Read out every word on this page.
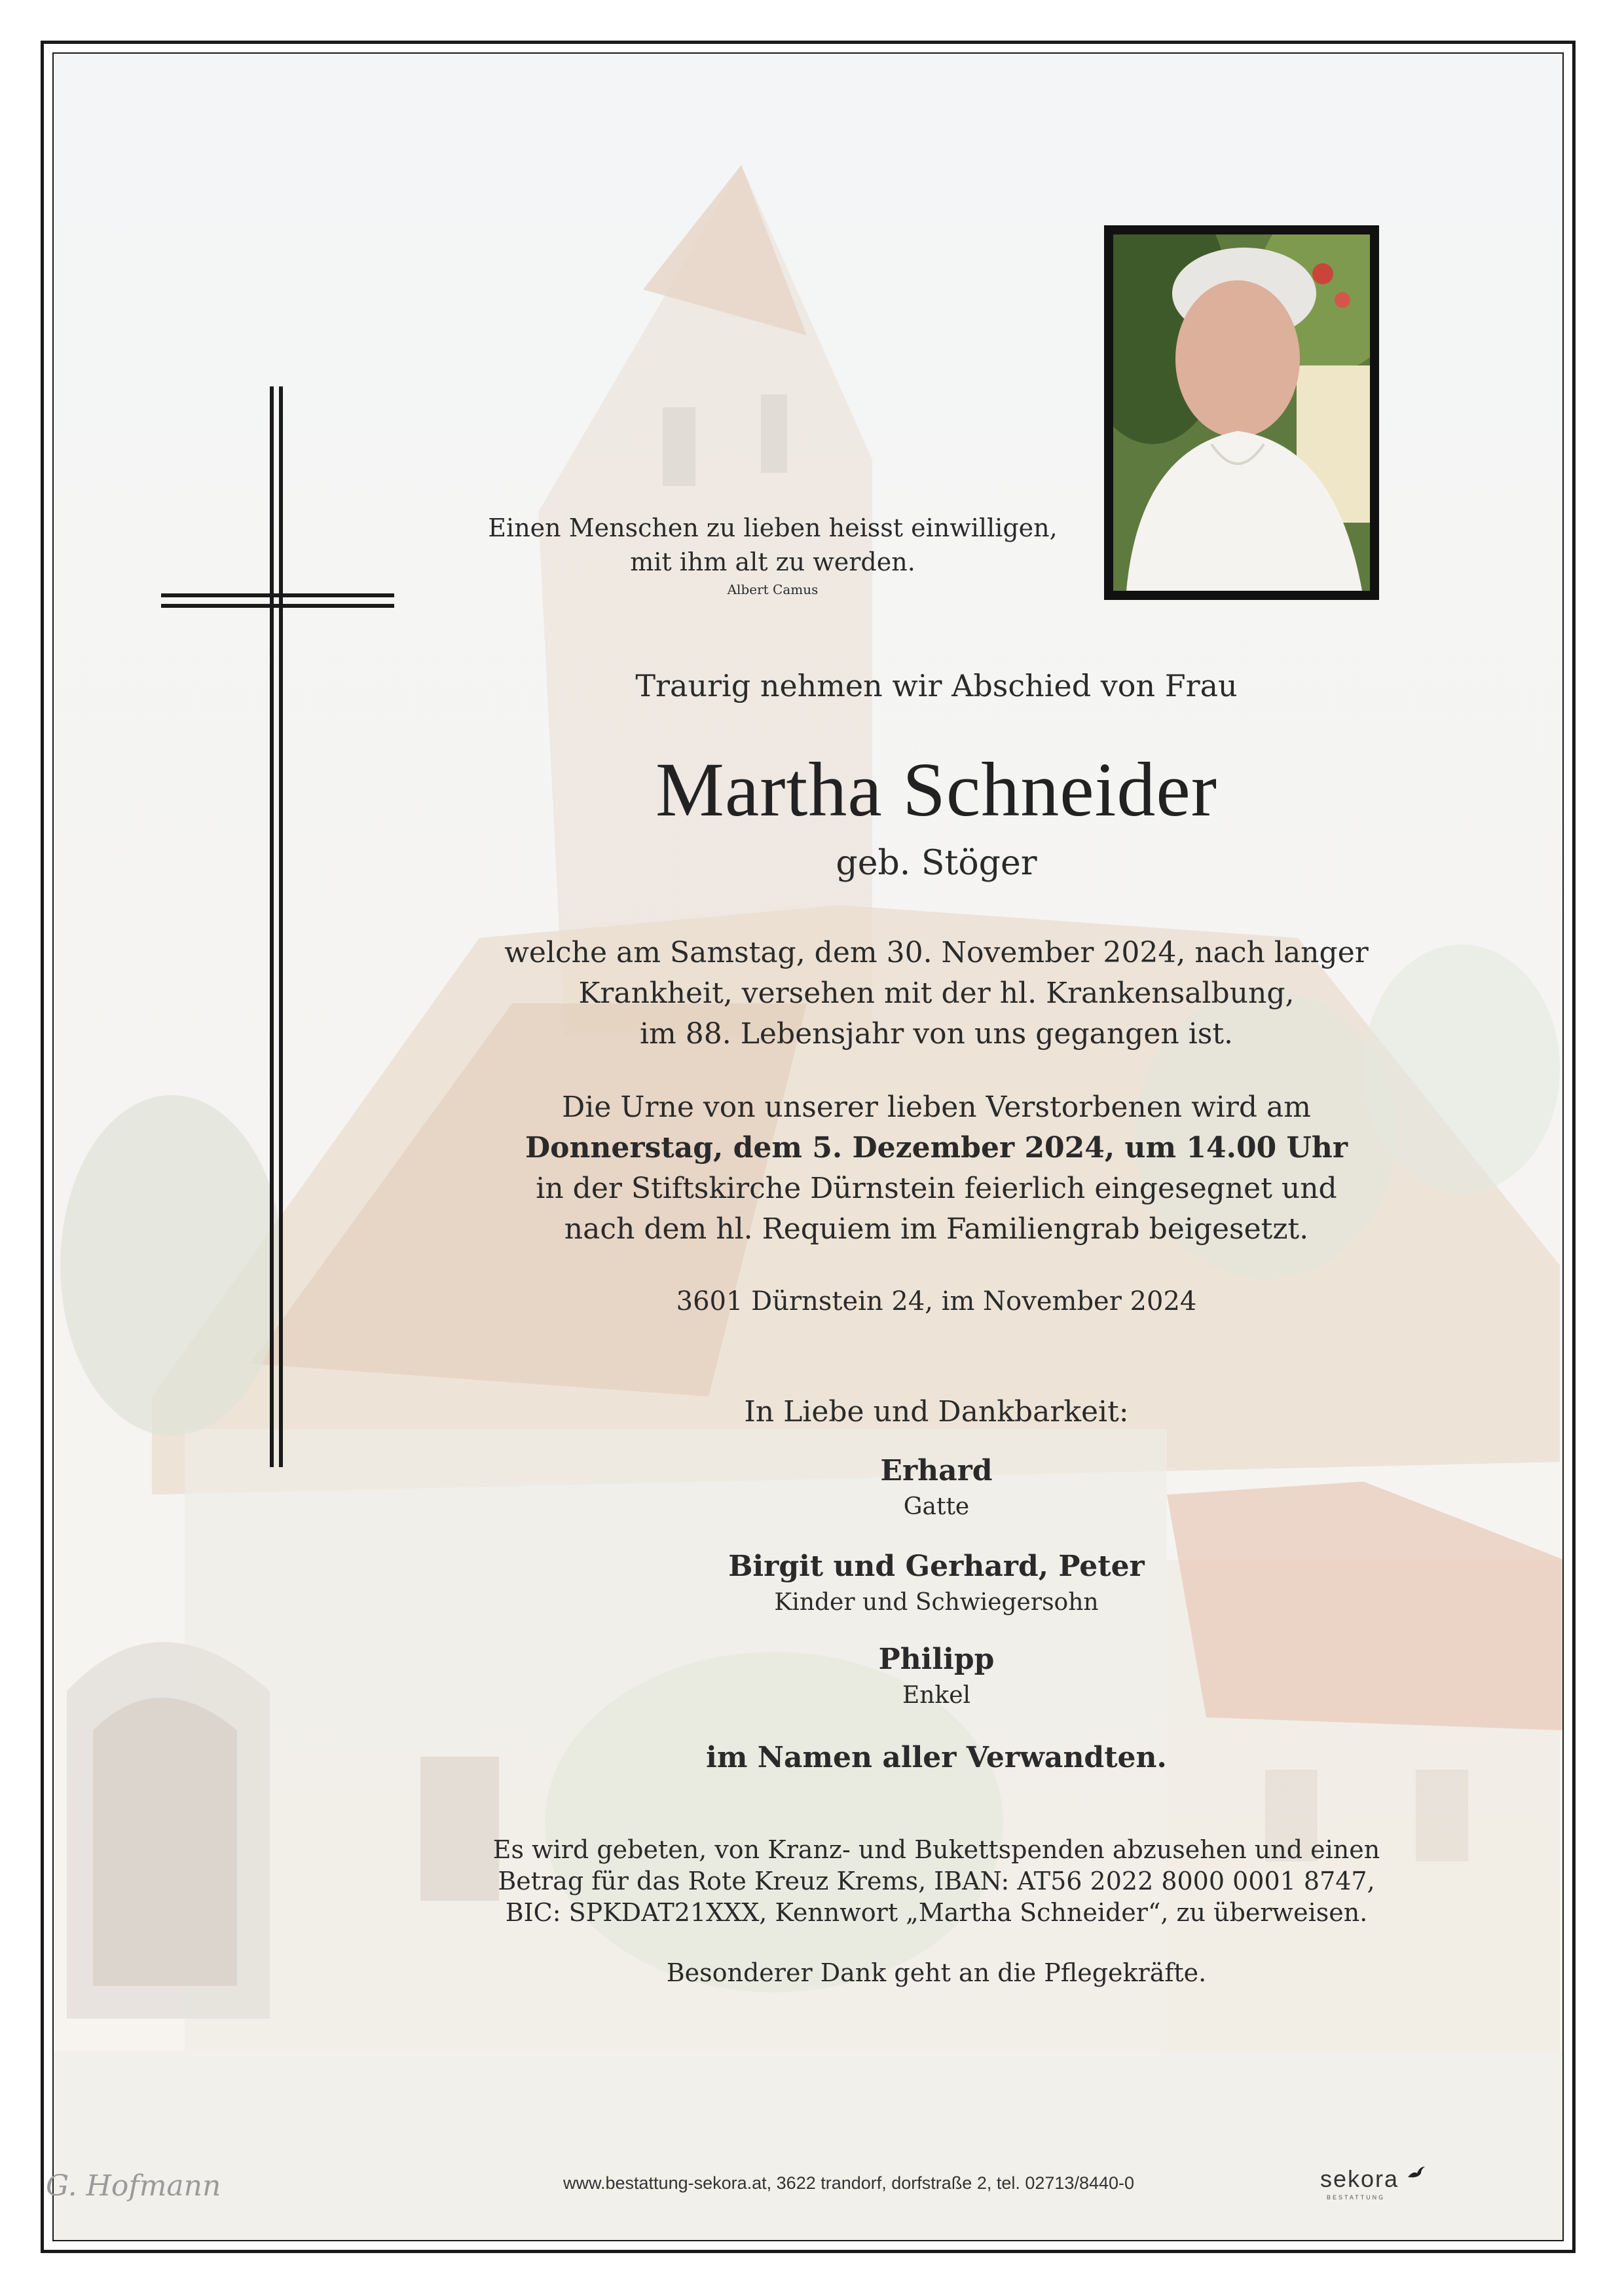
Einen Menschen zu lieben heisst einwilligen,
mit ihm alt zu werden.
Albert Camus
Traurig nehmen wir Abschied von Frau
Martha Schneider
geb. Stöger
welche am Samstag, dem 30. November 2024, nach langer
Krankheit, versehen mit der hl. Krankensalbung,
im 88. Lebensjahr von uns gegangen ist.
Die Urne von unserer lieben Verstorbenen wird am
Donnerstag, dem 5. Dezember 2024, um 14.00 Uhr
in der Stiftskirche Dürnstein feierlich eingesegnet und
nach dem hl. Requiem im Familiengrab beigesetzt.
3601 Dürnstein 24, im November 2024
In Liebe und Dankbarkeit:
Erhard
Gatte
Birgit und Gerhard, Peter
Kinder und Schwiegersohn
Philipp
Enkel
im Namen aller Verwandten.
Es wird gebeten, von Kranz- und Bukettspenden abzusehen und einen
Betrag für das Rote Kreuz Krems, IBAN: AT56 2022 8000 0001 8747,
BIC: SPKDAT21XXX, Kennwort „Martha Schneider“, zu überweisen.
Besonderer Dank geht an die Pflegekräfte.
G. Hofmann	www.bestattung-sekora.at, 3622 trandorf, dorfstraße 2, tel. 02713/8440-0	sekora
BESTATTUNG
